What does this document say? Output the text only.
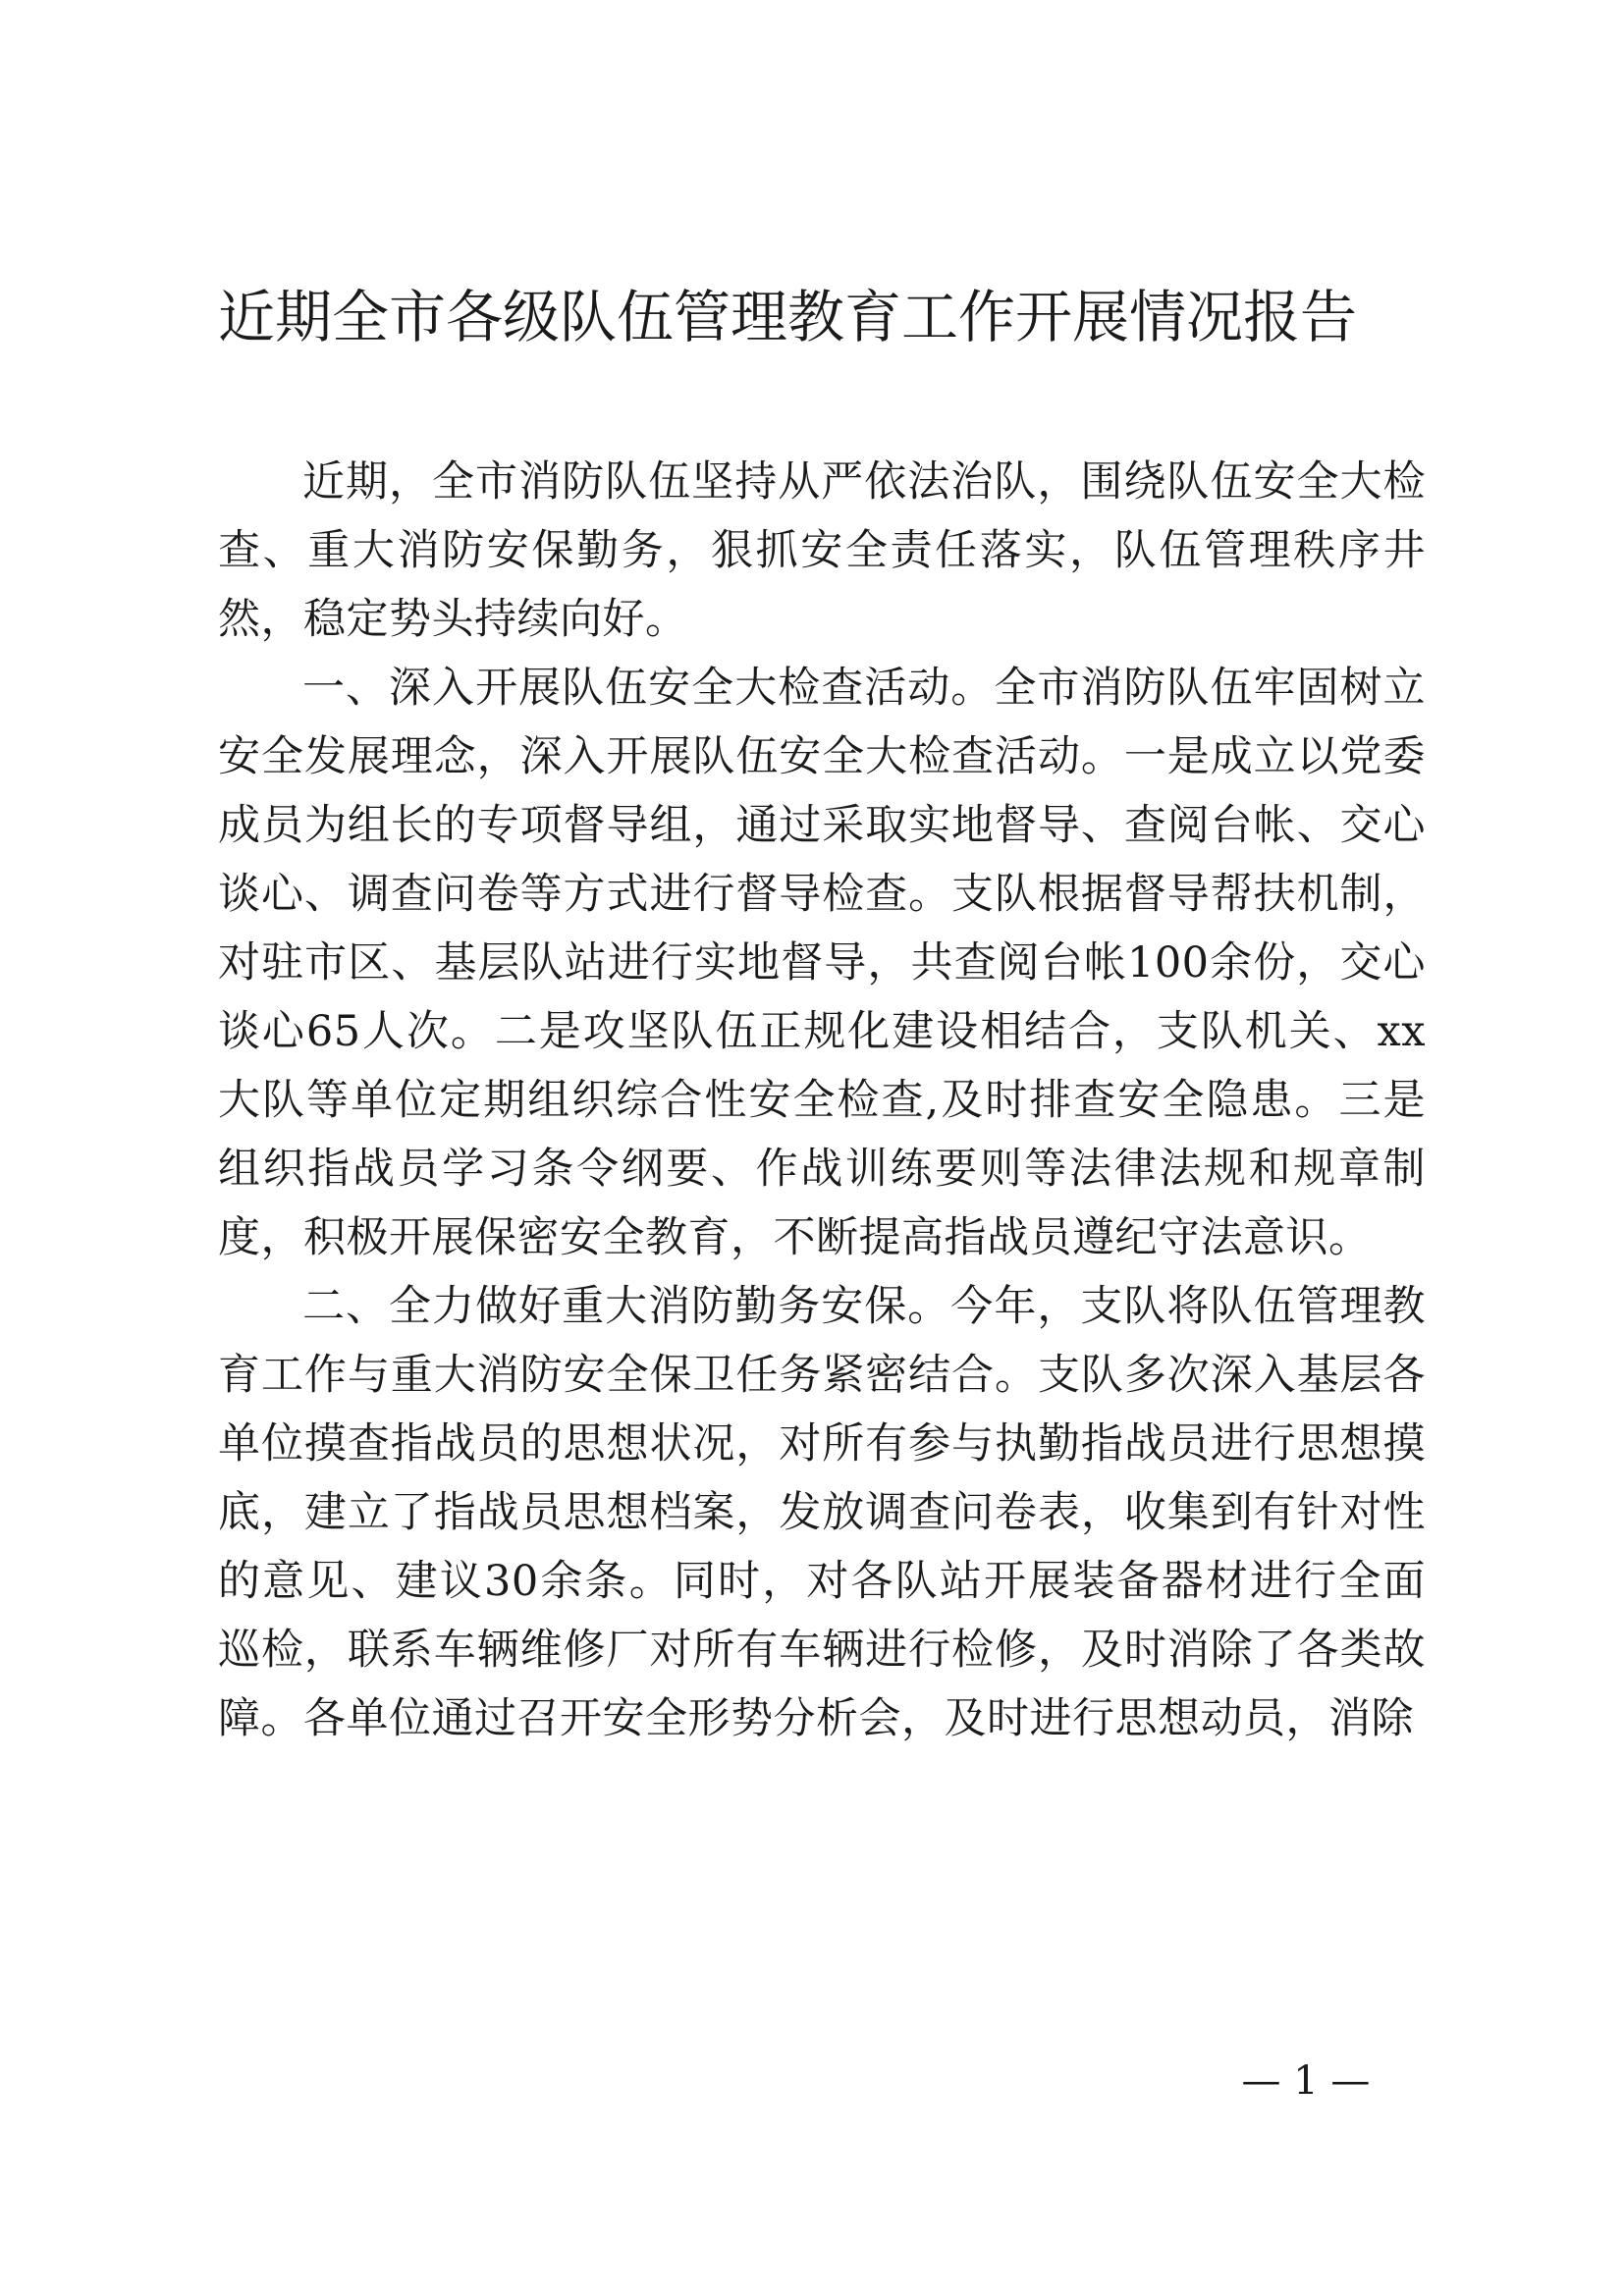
近期全市各级队伍管理教育工作开展情况报告

近期，全市消防队伍坚持从严依法治队，围绕队伍安全大检查、重大消防安保勤务，狠抓安全责任落实，队伍管理秩序井然，稳定势头持续向好。

一、深入开展队伍安全大检查活动。全市消防队伍牢固树立安全发展理念，深入开展队伍安全大检查活动。一是成立以党委成员为组长的专项督导组，通过采取实地督导、查阅台帐、交心谈心、调查问卷等方式进行督导检查。支队根据督导帮扶机制，对驻市区、基层队站进行实地督导，共查阅台帐100余份，交心谈心65人次。二是攻坚队伍正规化建设相结合，支队机关、xx大队等单位定期组织综合性安全检查,及时排查安全隐患。三是组织指战员学习条令纲要、作战训练要则等法律法规和规章制度，积极开展保密安全教育，不断提高指战员遵纪守法意识。

二、全力做好重大消防勤务安保。今年，支队将队伍管理教育工作与重大消防安全保卫任务紧密结合。支队多次深入基层各单位摸查指战员的思想状况，对所有参与执勤指战员进行思想摸底，建立了指战员思想档案，发放调查问卷表，收集到有针对性的意见、建议30余条。同时，对各队站开展装备器材进行全面巡检，联系车辆维修厂对所有车辆进行检修，及时消除了各类故障。各单位通过召开安全形势分析会，及时进行思想动员，消除

— 1 —
